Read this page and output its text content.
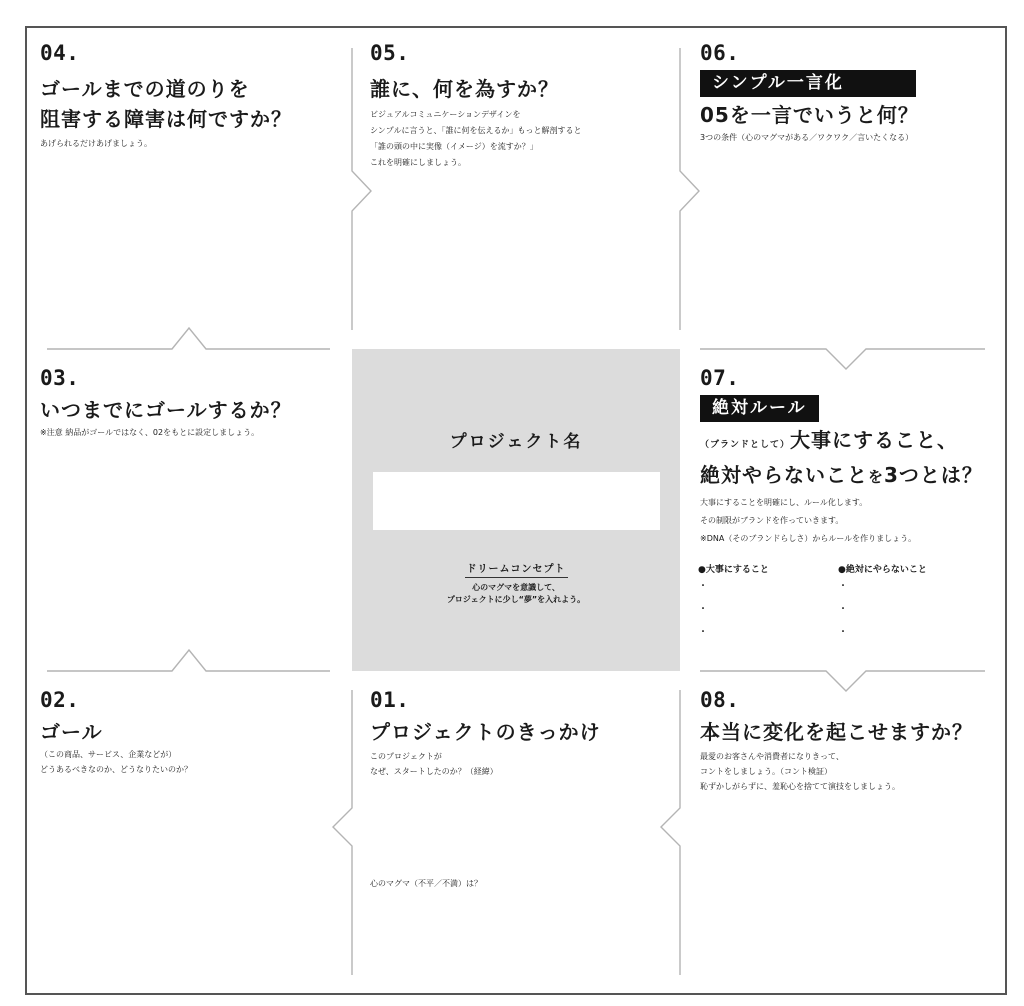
プロジェクト名
ドリームコンセプト
心のマグマを意識して、
プロジェクトに少し“夢”を入れよう。
04.
ゴールまでの道のりを
阻害する障害は何ですか？
あげられるだけあげましょう。
05.
誰に、何を為すか？
ビジュアルコミュニケーションデザインを
シンプルに言うと、「誰に何を伝えるか」もっと解剖すると
「誰の頭の中に実像（イメージ）を流すか？」
これを明確にしましょう。
06.
シンプル一言化
05を一言でいうと何？
3つの条件（心のマグマがある／ワクワク／言いたくなる）
03.
いつまでにゴールするか？
※注意 納品がゴールではなく、02をもとに設定しましょう。
07.
絶対ルール
（ブランドとして）大事にすること、
絶対やらないことを3つとは？
大事にすることを明確にし、ルール化します。
その制限がブランドを作っていきます。
※DNA（そのブランドらしさ）からルールを作りましょう。
●大事にすること
・
・
・
●絶対にやらないこと
・
・
・
02.
ゴール
（この商品、サービス、企業などが）
どうあるべきなのか、どうなりたいのか？
01.
プロジェクトのきっかけ
このプロジェクトが
なぜ、スタートしたのか？（経緯）
心のマグマ（不平／不満）は？
08.
本当に変化を起こせますか？
最愛のお客さんや消費者になりきって、
コントをしましょう。（コント検証）
恥ずかしがらずに、羞恥心を捨てて演技をしましょう。
